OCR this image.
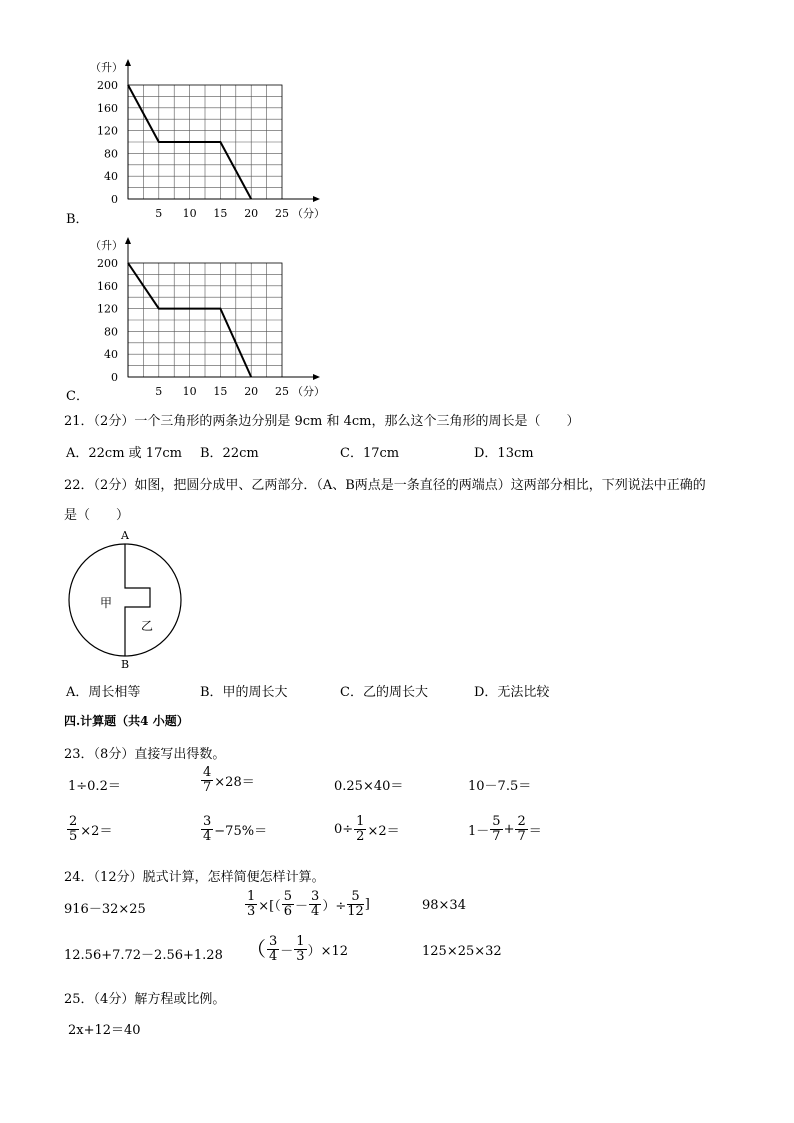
B．
200
160
120
80
40
0
5 10 15 20 25
（升）
（分）
C．
200
160
120
80
40
0
5 10 15 20 25
（升）
（分）
21．（2分）一个三角形的两条边分别是 9cm 和 4cm，那么这个三角形的周长是（　　）
A．22cm 或 17cm B．22cm	C．17cm	D．13cm
22．（2分）如图，把圆分成甲、乙两部分．（A、B两点是一条直径的两端点）这两部分相比，下列说法中正确的
是（　　）
A
B
甲
乙
A．周长相等	B．甲的周长大	C．乙的周长大	D．无法比较
四.计算题（共4 小题）
23．（8分）直接写出得数。
1÷0.2＝	$\frac{4}{7} \times 28=$	0.25×40＝	10－7.5＝
$\frac{2}{5} \times 2=$	$\frac{3}{4} -75\%=$	$0\div \frac{1}{2} \times 2=$	$1- \frac{5}{7} + \frac{2}{7}$ ＝
24．（12分）脱式计算，怎样简便怎样计算。
916－32×25	$\frac{1}{3}$ ×[（ $\frac{5}{6} - \frac{3}{4}$ ）÷ $\frac{5}{12}$ ]	98×34
12.56+7.72－2.56+1.28 （ $\frac{3}{4} - \frac{1}{3} )\times 12$	125×25×32
25．（4分）解方程或比例。
2x+12＝40
